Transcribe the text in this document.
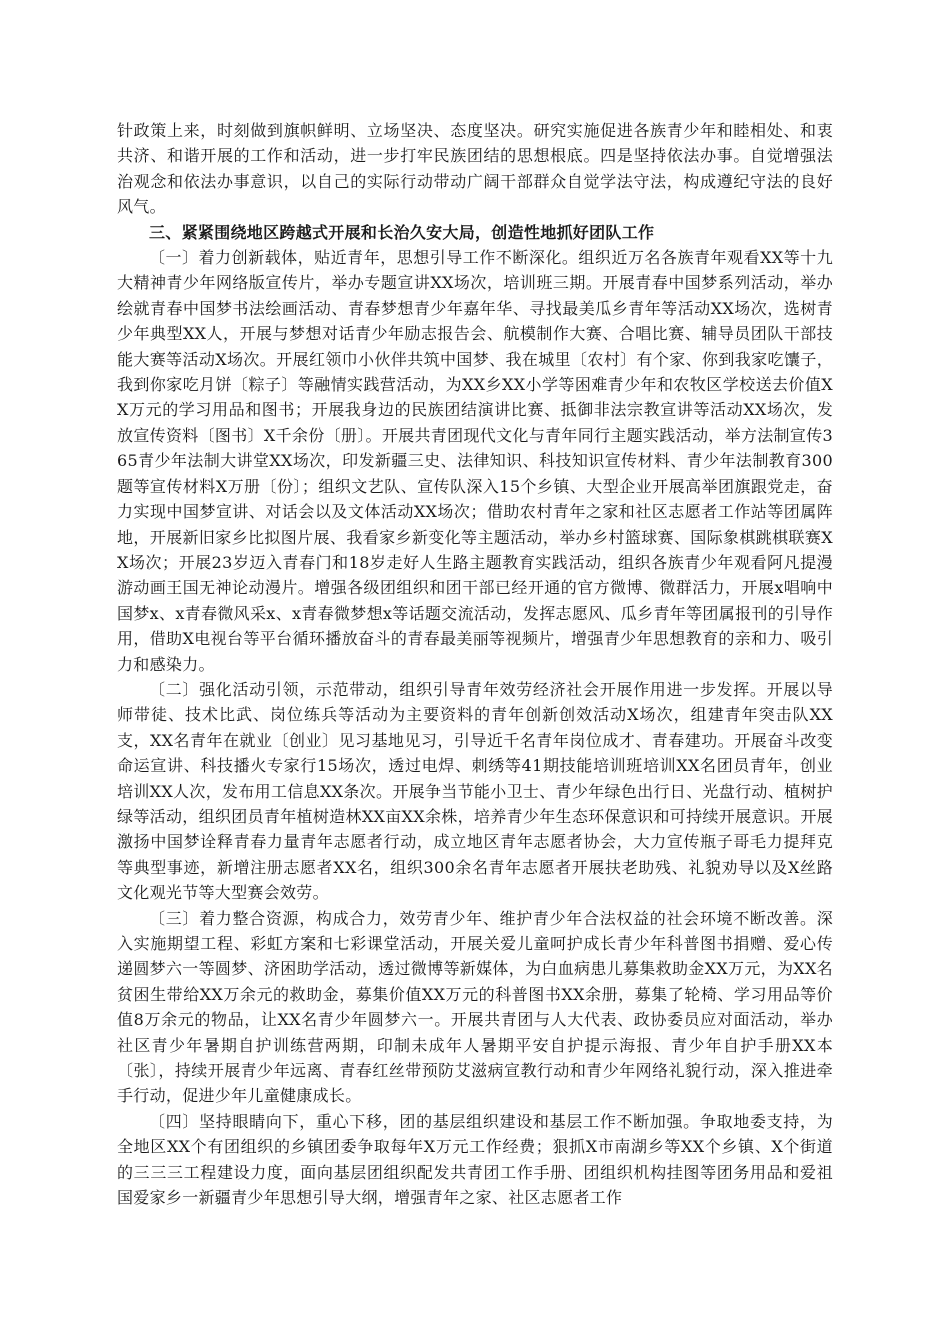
针政策上来，时刻做到旗帜鲜明、立场坚决、态度坚决。研究实施促进各族青少年和睦相处、和衷共济、和谐开展的工作和活动，进一步打牢民族团结的思想根底。四是坚持依法办事。自觉增强法治观念和依法办事意识，以自己的实际行动带动广阔干部群众自觉学法守法，构成遵纪守法的良好风气。

三、紧紧围绕地区跨越式开展和长治久安大局，创造性地抓好团队工作

〔一〕着力创新载体，贴近青年，思想引导工作不断深化。组织近万名各族青年观看XX等十九大精神青少年网络版宣传片，举办专题宣讲XX场次，培训班三期。开展青春中国梦系列活动，举办绘就青春中国梦书法绘画活动、青春梦想青少年嘉年华、寻找最美瓜乡青年等活动XX场次，选树青少年典型XX人，开展与梦想对话青少年励志报告会、航模制作大赛、合唱比赛、辅导员团队干部技能大赛等活动X场次。开展红领巾小伙伴共筑中国梦、我在城里〔农村〕有个家、你到我家吃馕子，我到你家吃月饼〔粽子〕等融情实践营活动，为XX乡XX小学等困难青少年和农牧区学校送去价值XX万元的学习用品和图书；开展我身边的民族团结演讲比赛、抵御非法宗教宣讲等活动XX场次，发放宣传资料〔图书〕X千余份〔册〕。开展共青团现代文化与青年同行主题实践活动，举方法制宣传365青少年法制大讲堂XX场次，印发新疆三史、法律知识、科技知识宣传材料、青少年法制教育300题等宣传材料X万册〔份〕；组织文艺队、宣传队深入15个乡镇、大型企业开展高举团旗跟党走，奋力实现中国梦宣讲、对话会以及文体活动XX场次；借助农村青年之家和社区志愿者工作站等团属阵地，开展新旧家乡比拟图片展、我看家乡新变化等主题活动，举办乡村篮球赛、国际象棋跳棋联赛XX场次；开展23岁迈入青春门和18岁走好人生路主题教育实践活动，组织各族青少年观看阿凡提漫游动画王国无神论动漫片。增强各级团组织和团干部已经开通的官方微博、微群活力，开展x唱响中国梦x、x青春微风采x、x青春微梦想x等话题交流活动，发挥志愿风、瓜乡青年等团属报刊的引导作用，借助X电视台等平台循环播放奋斗的青春最美丽等视频片，增强青少年思想教育的亲和力、吸引力和感染力。

〔二〕强化活动引领，示范带动，组织引导青年效劳经济社会开展作用进一步发挥。开展以导师带徒、技术比武、岗位练兵等活动为主要资料的青年创新创效活动X场次，组建青年突击队XX支，XX名青年在就业〔创业〕见习基地见习，引导近千名青年岗位成才、青春建功。开展奋斗改变命运宣讲、科技播火专家行15场次，透过电焊、刺绣等41期技能培训班培训XX名团员青年，创业培训XX人次，发布用工信息XX条次。开展争当节能小卫士、青少年绿色出行日、光盘行动、植树护绿等活动，组织团员青年植树造林XX亩XX余株，培养青少年生态环保意识和可持续开展意识。开展激扬中国梦诠释青春力量青年志愿者行动，成立地区青年志愿者协会，大力宣传瓶子哥毛力提拜克等典型事迹，新增注册志愿者XX名，组织300余名青年志愿者开展扶老助残、礼貌劝导以及X丝路文化观光节等大型赛会效劳。

〔三〕着力整合资源，构成合力，效劳青少年、维护青少年合法权益的社会环境不断改善。深入实施期望工程、彩虹方案和七彩课堂活动，开展关爱儿童呵护成长青少年科普图书捐赠、爱心传递圆梦六一等圆梦、济困助学活动，透过微博等新媒体，为白血病患儿募集救助金XX万元，为XX名贫困生带给XX万余元的救助金，募集价值XX万元的科普图书XX余册，募集了轮椅、学习用品等价值8万余元的物品，让XX名青少年圆梦六一。开展共青团与人大代表、政协委员应对面活动，举办社区青少年暑期自护训练营两期，印制未成年人暑期平安自护提示海报、青少年自护手册XX本〔张〕，持续开展青少年远离、青春红丝带预防艾滋病宣教行动和青少年网络礼貌行动，深入推进牵手行动，促进少年儿童健康成长。

〔四〕坚持眼睛向下，重心下移，团的基层组织建设和基层工作不断加强。争取地委支持，为全地区XX个有团组织的乡镇团委争取每年X万元工作经费；狠抓X市南湖乡等XX个乡镇、X个街道的三三三工程建设力度，面向基层团组织配发共青团工作手册、团组织机构挂图等团务用品和爱祖国爱家乡一新疆青少年思想引导大纲，增强青年之家、社区志愿者工作
